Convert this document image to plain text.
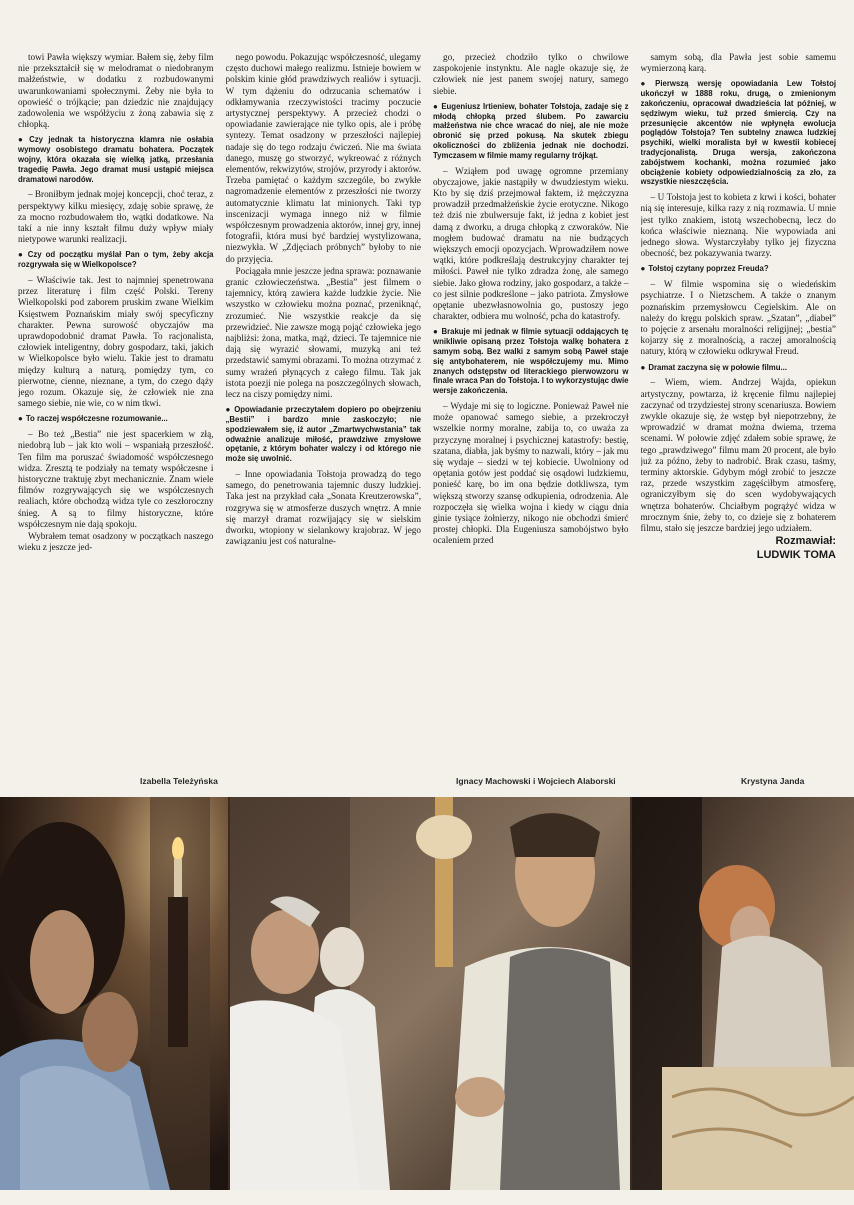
towi Pawła większy wymiar. Bałem się, żeby film nie przekształcił się w melodramat o niedobranym małżeństwie, w dodatku z rozbudowanymi uwarunkowaniami społecznymi. Żeby nie była to opowieść o trójkącie; pan dziedzic nie znajdujący zadowolenia we współżyciu z żoną zabawia się z chłopką.

● Czy jednak ta historyczna klamra nie osłabia wymowy osobistego dramatu bohatera. Początek wojny, która okazała się wielką jatką, przesłania tragedię Pawła. Jego dramat musi ustąpić miejsca dramatowi narodów.

– Broniłbym jednak mojej koncepcji, choć teraz, z perspektywy kilku miesięcy, zdaję sobie sprawę, że za mocno rozbudowałem tło, wątki dodatkowe. Na takí a nie inny kształt filmu duży wpływ miały nietypowe warunki realizacji.

● Czy od początku myślał Pan o tym, żeby akcja rozgrywała się w Wielkopolsce?

– Właściwie tak. Jest to najmniej spenetrowana przez literaturę i film część Polski. Tereny Wielkopolski pod zaborem pruskim zwane Wielkim Księstwem Poznańskim miały swój specyficzny charakter. Pewna surowość obyczajów ma uprawdopodobnić dramat Pawła. To racjonalista, człowiek inteligentny, dobry gospodarz, taki, jakich w Wielkopolsce było wielu. Takie jest to dramatu między kulturą a naturą, pomiędzy tym, co pierwotne, cienne, nieznane, a tym, do czego dąży jego rozum. Okazuje się, że człowiek nie zna samego siebie, nie wie, co w nim tkwi.

● To raczej współczesne rozumowanie...

– Bo też „Bestia” nie jest spacerkiem w złą, niedobrą lub – jak kto woli – wspaniałą przeszłość. Ten film ma poruszać świadomość współczesnego widza. Zresztą te podziały na tematy współczesne i historyczne traktuję zbyt mechanicznie. Znam wiele filmów rozgrywających się we współczesnych realiach, które obchodzą widza tyle co zeszłoroczny śnieg. A są to filmy historyczne, które współczesnym nie dają spokoju.

Wybrałem temat osadzony w początkach naszego wieku z jeszcze jed-

nego powodu. Pokazując współczesność, ulegamy często duchowi małego realizmu. Istnieje bowiem w polskim kinie głód prawdziwych realiów i sytuacji. W tym dążeniu do odrzucania schematów i odkłamywania rzeczywistości tracimy poczucie artystycznej perspektywy. A przecież chodzi o opowiadanie zawierające nie tylko opis, ale i próbę syntezy. Temat osadzony w przeszłości najlepiej nadaje się do tego rodzaju ćwiczeń. Nie ma świata danego, muszę go stworzyć, wykreować z różnych elementów, rekwizytów, strojów, przyrody i aktorów. Trzeba pamiętać o każdym szczególe, bo zwykłe nagromadzenie elementów z przeszłości nie tworzy automatycznie klimatu lat minionych. Taki typ inscenizacji wymaga innego niż w filmie współczesnym prowadzenia aktorów, innej gry, innej fotografii, która musi być bardziej wystylizowana, niezwykła. W „Zdjęciach próbnych” byłoby to nie do przyjęcia.

Pociągała mnie jeszcze jedna sprawa: poznawanie granic człowieczeństwa. „Bestia” jest filmem o tajemnicy, którą zawiera każde ludzkie życie. Nie wszystko w człowieku można poznać, przeniknąć, zrozumieć. Nie wszystkie reakcje da się przewidzieć. Nie zawsze mogą pojąć człowieka jego najbliżsi: żona, matka, mąż, dzieci. Te tajemnice nie dają się wyrazić słowami, muzyką ani też przedstawić samymi obrazami. To można otrzymać z sumy wrażeń płynących z całego filmu. Tak jak istota poezji nie polega na poszczególnych słowach, lecz na ciszy pomiędzy nimi.

● Opowiadanie przeczytałem dopiero po obejrzeniu „Bestii” i bardzo mnie zaskoczyło; nie spodziewałem się, iż autor „Zmartwychwstania” tak odważnie analizuje miłość, prawdziwe zmysłowe opętanie, z którym bohater walczy i od którego nie może się uwolnić.

– Inne opowiadania Tołstoja prowadzą do tego samego, do penetrowania tajemnic duszy ludzkiej. Taka jest na przykład cała „Sonata Kreutzerowska”, rozgrywa się w atmosferze duszych wnętrz. A mnie się marzył dramat rozwijający się w sielskim dworku, wtopiony w sielankowy krajobraz. W jego zawiązaniu jest coś naturalne-

go, przecież chodziło tylko o chwilowe zaspokojenie instynktu. Ale nagle okazuje się, że człowiek nie jest panem swojej natury, samego siebie.

● Eugeniusz Irtieniew, bohater Tołstoja, zadaje się z młodą chłopką przed ślubem. Po zawarciu małżeństwa nie chce wracać do niej, ale nie może obronić się przed pokusą. Na skutek zbiegu okoliczności do zbliżenia jednak nie dochodzi. Tymczasem w filmie mamy regularny trójkąt.

– Wziąłem pod uwagę ogromne przemiany obyczajowe, jakie nastąpiły w dwudziestym wieku. Kto by się dziś przejmował faktem, iż mężczyzna prowadził przedmałżeńskie życie erotyczne. Nikogo też dziś nie zbulwersuje fakt, iż jedna z kobiet jest damą z dworku, a druga chłopką z czworaków. Nie mogłem budować dramatu na nie budzących większych emocji opozycjach. Wprowadziłem nowe wątki, które podkreślają destrukcyjny charakter tej miłości. Paweł nie tylko zdradza żonę, ale samego siebie. Jako głowa rodziny, jako gospodarz, a także – co jest silnie podkreślone – jako patriota. Zmysłowe opętanie ubezwłasnowolnia go, pustoszy jego charakter, odbiera mu wolność, pcha do katastrofy.

● Brakuje mi jednak w filmie sytuacji oddających tę wnikliwie opisaną przez Tołstoja walkę bohatera z samym sobą. Bez walki z samym sobą Paweł staje się antybohaterem, nie współczujemy mu. Mimo znanych odstępstw od literackiego pierwowzoru w finale wraca Pan do Tołstoja. I to wykorzystując dwie wersje zakończenia.

– Wydaje mi się to logiczne. Ponieważ Paweł nie może opanować samego siebie, a przekroczył wszelkie normy moralne, zabija to, co uważa za przyczynę moralnej i psychicznej katastrofy: bestię, szatana, diabła, jak byśmy to nazwali, który – jak mu się wydaje – siedzi w tej kobiecie. Uwolniony od opętania gotów jest poddać się osądowi ludzkiemu, ponieść karę, bo im ona będzie dotkliwsza, tym większą stworzy szansę odkupienia, odrodzenia. Ale rozpoczęła się wielka wojna i kiedy w ciągu dnia ginie tysiące żołnierzy, nikogo nie obchodzi śmierć prostej chłopki. Dla Eugeniusza samobójstwo było ocaleniem przed

samym sobą, dla Pawła jest sobie samemu wymierzoną karą.

● Pierwszą wersję opowiadania Lew Tołstoj ukończył w 1888 roku, drugą, o zmienionym zakończeniu, opracował dwadzieścia lat później, w sędziwym wieku, tuż przed śmiercią. Czy na przesunięcie akcentów nie wpłynęła ewolucja poglądów Tołstoja? Ten subtelny znawca ludzkiej psychiki, wielki moralista był w kwestii kobiecej tradycjonalistą. Druga wersja, zakończona zabójstwem kochanki, można rozumieć jako obciążenie kobiety odpowiedzialnością za zło, za wszystkie nieszczęścia.

– U Tołstoja jest to kobieta z krwi i kości, bohater nią się interesuje, kilka razy z nią rozmawia. U mnie jest tylko znakiem, istotą wszechobecną, lecz do końca właściwie nieznaną. Nie wypowiada ani jednego słowa. Wystarczyłaby tylko jej fizyczna obecność, bez pokazywania twarzy.

● Tołstoj czytany poprzez Freuda?

– W filmie wspomina się o wiedeńskim psychiatrze. I o Nietzschem. A także o znanym poznańskim przemysłowcu Cegielskim. Ale on należy do kręgu polskich spraw. „Szatan”, „diabeł” to pojęcie z arsenału moralności religijnej; „bestia” kojarzy się z moralnością, a raczej amoralnością natury, którą w człowieku odkrywał Freud.

● Dramat zaczyna się w połowie filmu...

– Wiem, wiem. Andrzej Wajda, opiekun artystyczny, powtarza, iż kręcenie filmu najlepiej zaczynać od trzydziestej strony scenariusza. Bowiem zwykle okazuje się, że wstęp był niepotrzebny, że wprowadzić w dramat można dwiema, trzema scenami. W połowie zdjęć zdałem sobie sprawę, że tego „prawdziwego” filmu mam 20 procent, ale było już za późno, żeby to nadrobić. Brak czasu, taśmy, terminy aktorskie. Gdybym mógł zrobić to jeszcze raz, przede wszystkim zagęściłbym atmosferę, ograniczyłbym się do scen wydobywających wnętrza bohaterów. Chciałbym pogrążyć widza w mrocznym śnie, żeby to, co dzieje się z bohaterem filmu, stało się jeszcze bardziej jego udziałem.

Rozmawiał:

LUDWIK TOMA

Izabella Teleżyńska	Ignacy Machowski i Wojciech Alaborski	Krystyna Janda
